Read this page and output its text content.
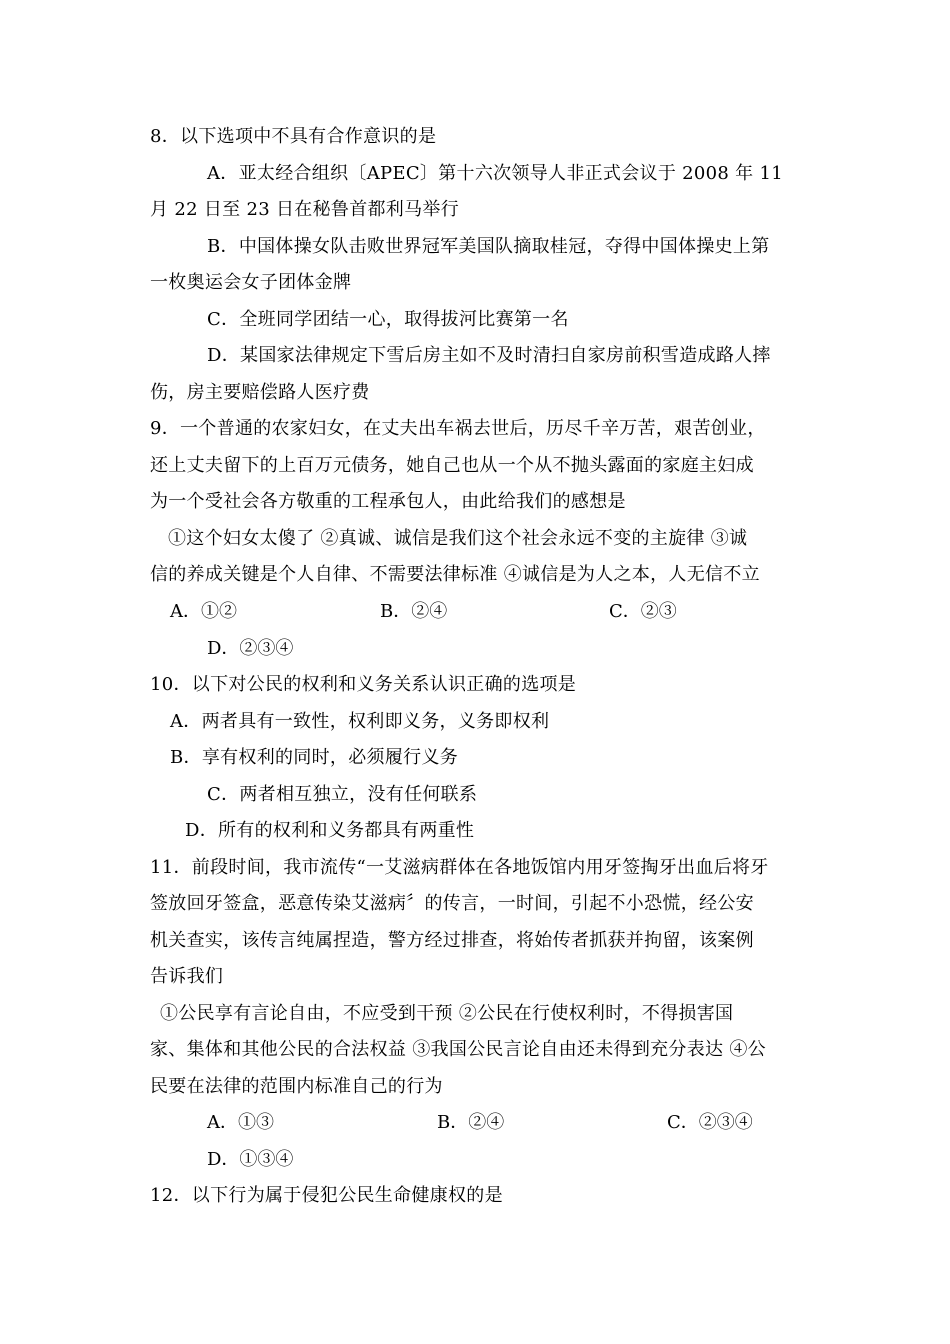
8．以下选项中不具有合作意识的是
A．亚太经合组织〔APEC〕第十六次领导人非正式会议于 2008 年 11
月 22 日至 23 日在秘鲁首都利马举行
B．中国体操女队击败世界冠军美国队摘取桂冠，夺得中国体操史上第
一枚奥运会女子团体金牌
C．全班同学团结一心，取得拔河比赛第一名
D．某国家法律规定下雪后房主如不及时清扫自家房前积雪造成路人摔
伤，房主要赔偿路人医疗费
9．一个普通的农家妇女，在丈夫出车祸去世后，历尽千辛万苦，艰苦创业，
还上丈夫留下的上百万元债务，她自己也从一个从不抛头露面的家庭主妇成
为一个受社会各方敬重的工程承包人，由此给我们的感想是
①这个妇女太傻了 ②真诚、诚信是我们这个社会永远不变的主旋律 ③诚
信的养成关键是个人自律、不需要法律标准 ④诚信是为人之本，人无信不立
A．①②	B．②④	C．②③
D．②③④
10．以下对公民的权利和义务关系认识正确的选项是
A．两者具有一致性，权利即义务，义务即权利
B．享有权利的同时，必须履行义务
C．两者相互独立，没有任何联系
D．所有的权利和义务都具有两重性
11．前段时间，我市流传“一艾滋病群体在各地饭馆内用牙签掏牙出血后将牙
签放回牙签盒，恶意传染艾滋病〞的传言，一时间，引起不小恐慌，经公安
机关查实，该传言纯属捏造，警方经过排查，将始传者抓获并拘留，该案例
告诉我们
①公民享有言论自由，不应受到干预 ②公民在行使权利时，不得损害国
家、集体和其他公民的合法权益 ③我国公民言论自由还未得到充分表达 ④公
民要在法律的范围内标准自己的行为
A．①③	B．②④	C．②③④
D．①③④
12．以下行为属于侵犯公民生命健康权的是
